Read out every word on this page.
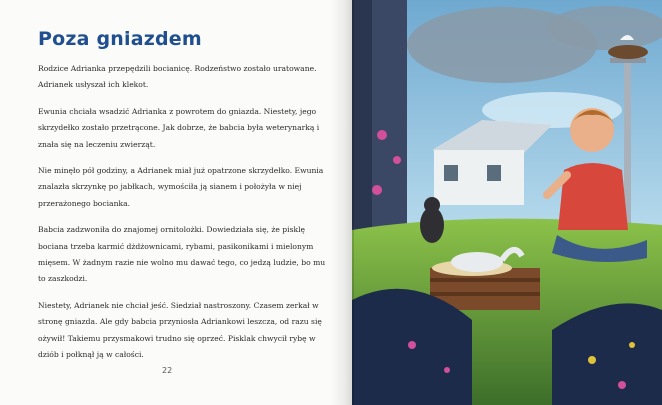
Poza gniazdem

Rodzice Adrianka przepędzili bocianicę. Rodzeństwo zostało uratowane. Adrianek usłyszał ich klekot.

Ewunia chciała wsadzić Adrianka z powrotem do gniazda. Niestety, jego skrzydełko zostało przetrącone. Jak dobrze, że babcia była weterynarką i znała się na leczeniu zwierząt.

Nie minęło pół godziny, a Adrianek miał już opatrzone skrzydełko. Ewunia znalazła skrzynkę po jabłkach, wymościła ją sianem i położyła w niej przerażonego bocianka.

Babcia zadzwoniła do znajomej ornitolożki. Dowiedziała się, że pisklę bociana trzeba karmić dżdżownicami, rybami, pasikonikami i mielonym mięsem. W żadnym razie nie wolno mu dawać tego, co jedzą ludzie, bo mu to zaszkodzi.

Niestety, Adrianek nie chciał jeść. Siedział nastroszony. Czasem zerkał w stronę gniazda. Ale gdy babcia przyniosła Adriankowi leszcza, od razu się ożywił! Takiemu przysmakowi trudno się oprzeć. Pisklak chwycił rybę w dziób i połknął ją w całości.

22
